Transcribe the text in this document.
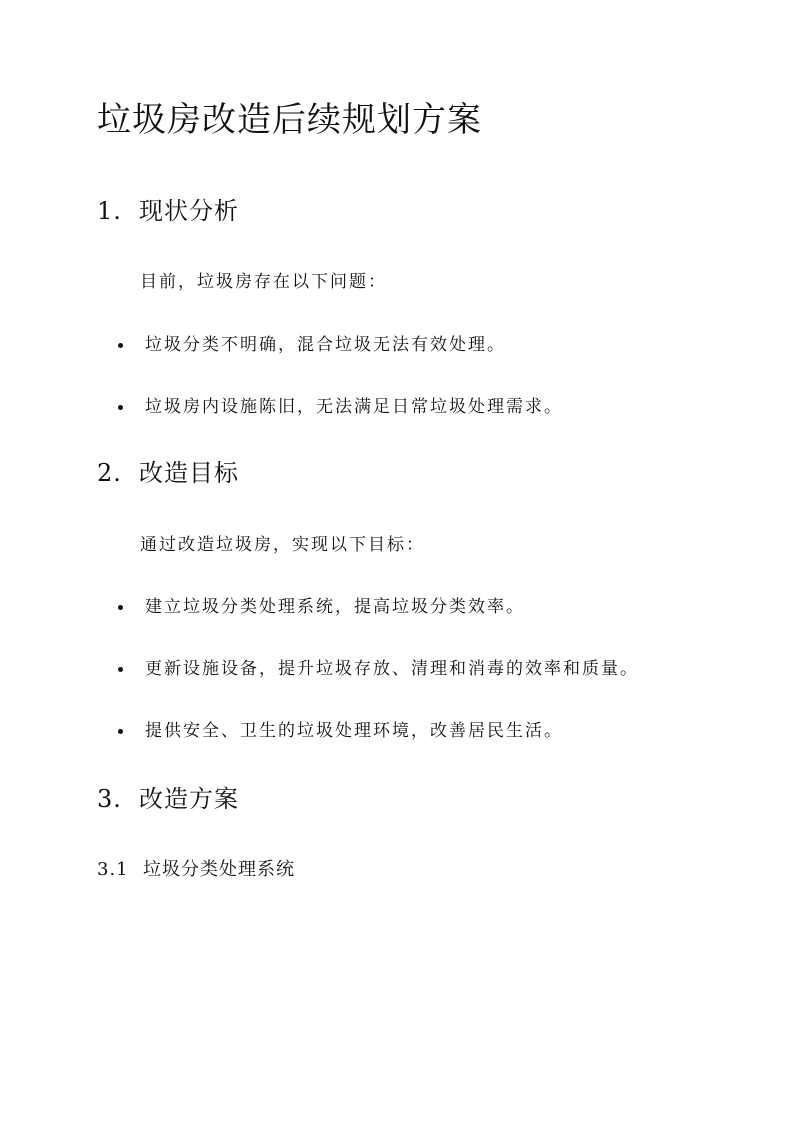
垃圾房改造后续规划方案
1. 现状分析

目前，垃圾房存在以下问题：

垃圾分类不明确，混合垃圾无法有效处理。
垃圾房内设施陈旧，无法满足日常垃圾处理需求。
2. 改造目标

通过改造垃圾房，实现以下目标：

建立垃圾分类处理系统，提高垃圾分类效率。
更新设施设备，提升垃圾存放、清理和消毒的效率和质量。
提供安全、卫生的垃圾处理环境，改善居民生活。
3. 改造方案
3.1 垃圾分类处理系统
